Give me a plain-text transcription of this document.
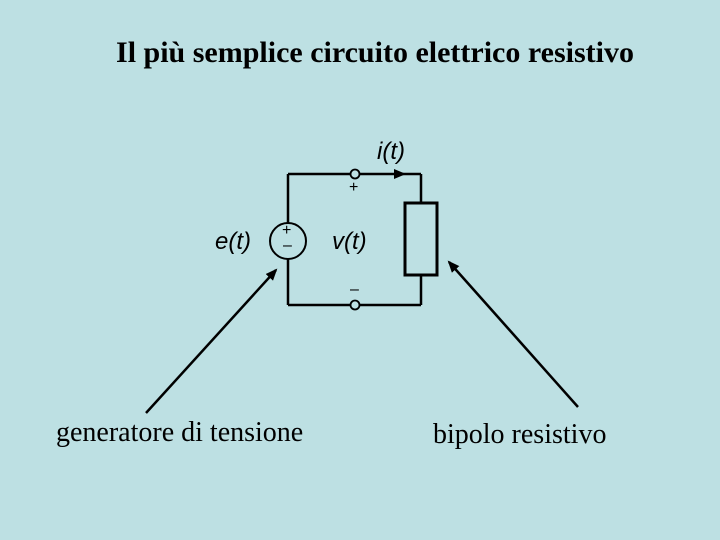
Il più semplice circuito elettrico resistivo
i(t)
+
e(t) +
– v(t)
–
generatore di tensione	bipolo resistivo
